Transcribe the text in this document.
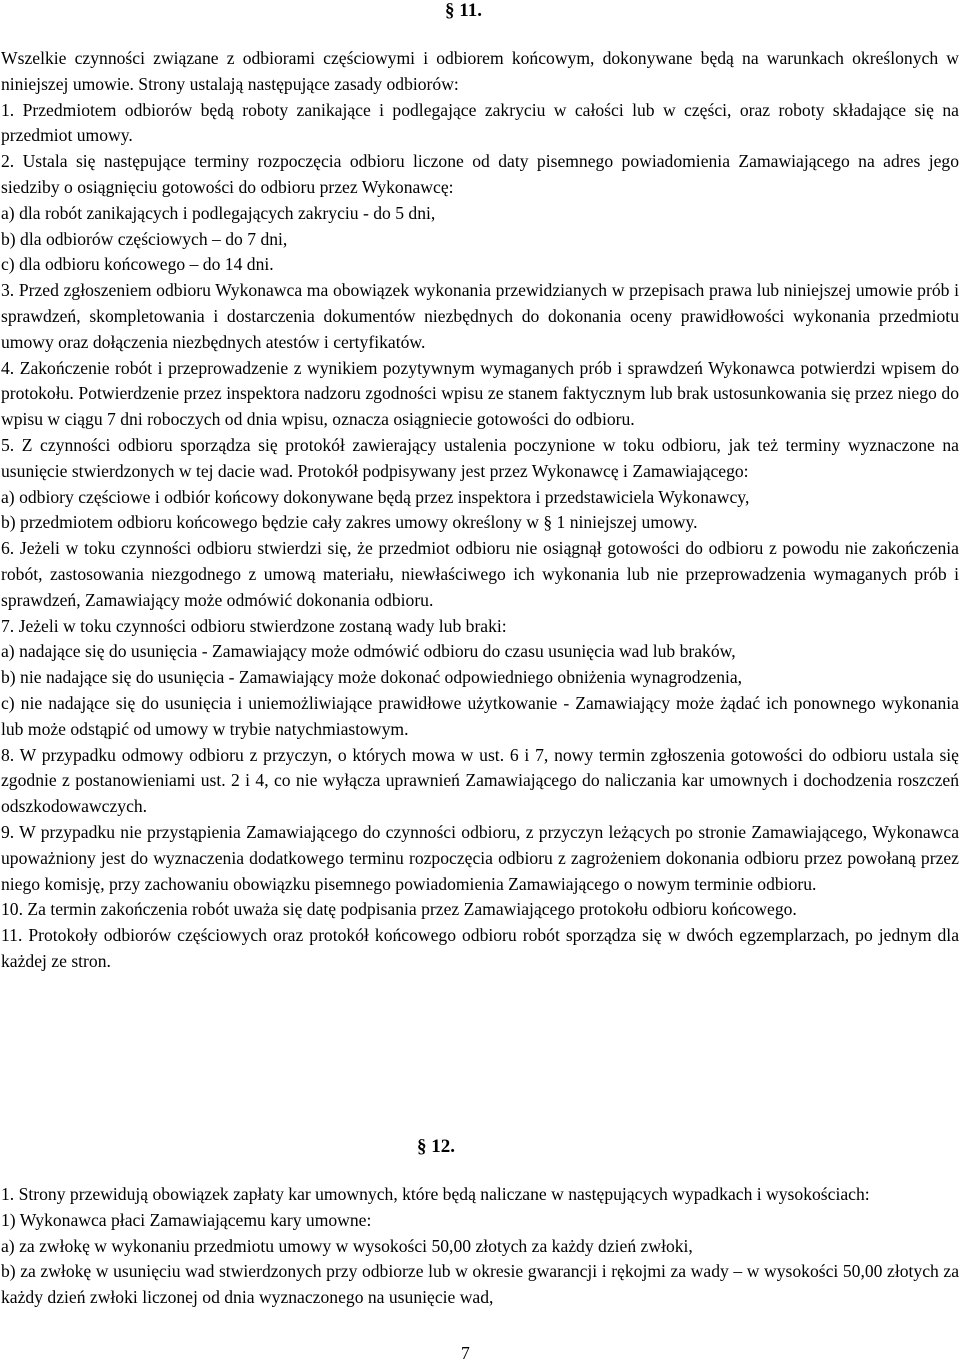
§ 11.

Wszelkie czynności związane z odbiorami częściowymi i odbiorem końcowym, dokonywane będą na warunkach określonych w niniejszej umowie. Strony ustalają następujące zasady odbiorów:

1. Przedmiotem odbiorów będą roboty zanikające i podlegające zakryciu w całości lub w części, oraz roboty składające się na przedmiot umowy.

2. Ustala się następujące terminy rozpoczęcia odbioru liczone od daty pisemnego powiadomienia Zamawiającego na adres jego siedziby o osiągnięciu gotowości do odbioru przez Wykonawcę:

a) dla robót zanikających i podlegających zakryciu - do 5 dni,

b) dla odbiorów częściowych – do 7 dni,

c) dla odbioru końcowego – do 14 dni.

3. Przed zgłoszeniem odbioru Wykonawca ma obowiązek wykonania przewidzianych w przepisach prawa lub niniejszej umowie prób i sprawdzeń, skompletowania i dostarczenia dokumentów niezbędnych do dokonania oceny prawidłowości wykonania przedmiotu umowy oraz dołączenia niezbędnych atestów i certyfikatów.

4. Zakończenie robót i przeprowadzenie z wynikiem pozytywnym wymaganych prób i sprawdzeń Wykonawca potwierdzi wpisem do protokołu. Potwierdzenie przez inspektora nadzoru zgodności wpisu ze stanem faktycznym lub brak ustosunkowania się przez niego do wpisu w ciągu 7 dni roboczych od dnia wpisu, oznacza osiągniecie gotowości do odbioru.

5. Z czynności odbioru sporządza się protokół zawierający ustalenia poczynione w toku odbioru, jak też terminy wyznaczone na usunięcie stwierdzonych w tej dacie wad. Protokół podpisywany jest przez Wykonawcę i Zamawiającego:

a) odbiory częściowe i odbiór końcowy dokonywane będą przez inspektora i przedstawiciela Wykonawcy,

b) przedmiotem odbioru końcowego będzie cały zakres umowy określony w § 1 niniejszej umowy.

6. Jeżeli w toku czynności odbioru stwierdzi się, że przedmiot odbioru nie osiągnął gotowości do odbioru z powodu nie zakończenia robót, zastosowania niezgodnego z umową materiału, niewłaściwego ich wykonania lub nie przeprowadzenia wymaganych prób i sprawdzeń, Zamawiający może odmówić dokonania odbioru.

7. Jeżeli w toku czynności odbioru stwierdzone zostaną wady lub braki:

a) nadające się do usunięcia - Zamawiający może odmówić odbioru do czasu usunięcia wad lub braków,

b) nie nadające się do usunięcia - Zamawiający może dokonać odpowiedniego obniżenia wynagrodzenia,

c) nie nadające się do usunięcia i uniemożliwiające prawidłowe użytkowanie - Zamawiający może żądać ich ponownego wykonania lub może odstąpić od umowy w trybie natychmiastowym.

8. W przypadku odmowy odbioru z przyczyn, o których mowa w ust. 6 i 7, nowy termin zgłoszenia gotowości do odbioru ustala się zgodnie z postanowieniami ust. 2 i 4, co nie wyłącza uprawnień Zamawiającego do naliczania kar umownych i dochodzenia roszczeń odszkodowawczych.

9. W przypadku nie przystąpienia Zamawiającego do czynności odbioru, z przyczyn leżących po stronie Zamawiającego, Wykonawca upoważniony jest do wyznaczenia dodatkowego terminu rozpoczęcia odbioru z zagrożeniem dokonania odbioru przez powołaną przez niego komisję, przy zachowaniu obowiązku pisemnego powiadomienia Zamawiającego o nowym terminie odbioru.

10. Za termin zakończenia robót uważa się datę podpisania przez Zamawiającego protokołu odbioru końcowego.

11. Protokoły odbiorów częściowych oraz protokół końcowego odbioru robót sporządza się w dwóch egzemplarzach, po jednym dla każdej ze stron.

§ 12.

1. Strony przewidują obowiązek zapłaty kar umownych, które będą naliczane w następujących wypadkach i wysokościach:

1) Wykonawca płaci Zamawiającemu kary umowne:

a) za zwłokę w wykonaniu przedmiotu umowy w wysokości 50,00 złotych za każdy dzień zwłoki,

b) za zwłokę w usunięciu wad stwierdzonych przy odbiorze lub w okresie gwarancji i rękojmi za wady – w wysokości 50,00 złotych za każdy dzień zwłoki liczonej od dnia wyznaczonego na usunięcie wad,

7
